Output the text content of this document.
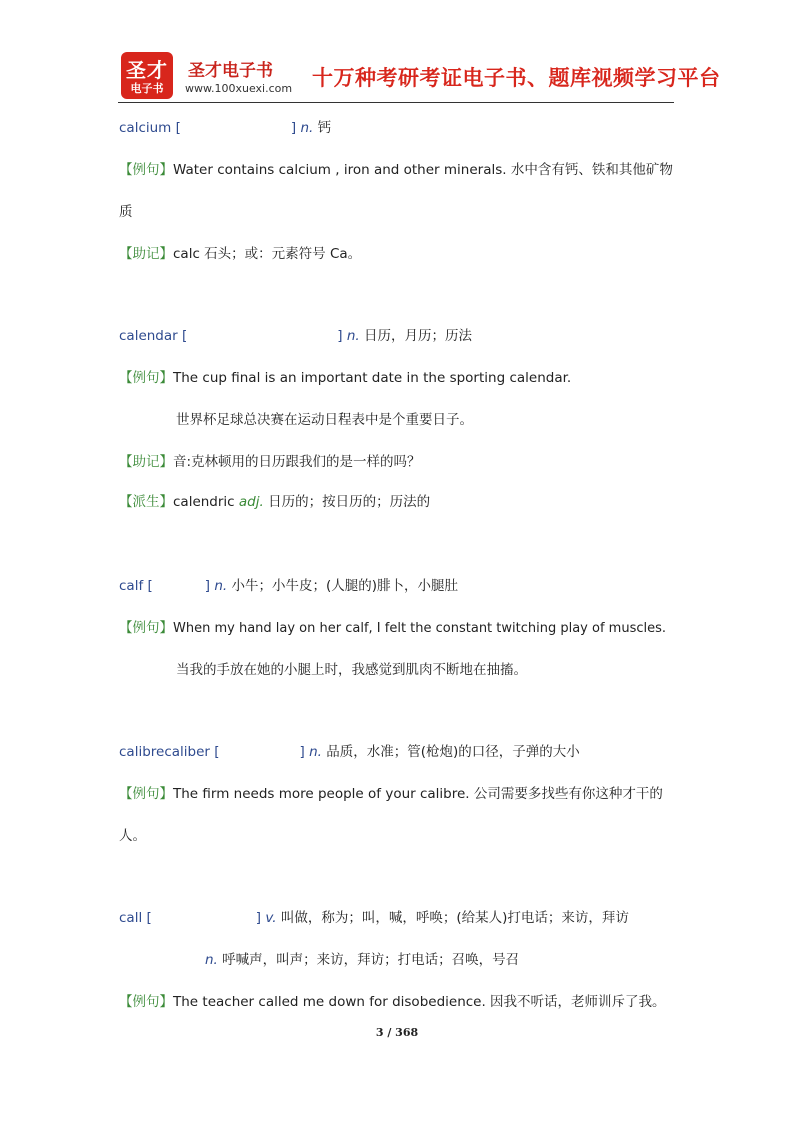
圣才
电子书
圣才电子书
www.100xuexi.com 十万种考研考证电子书、题库视频学习平台
calcium [	] n. 钙
【例句】Water contains calcium , iron and other minerals. 水中含有钙、铁和其他矿物
质
【助记】calc 石头；或：元素符号 Ca。
calendar [	] n. 日历，月历；历法
【例句】The cup final is an important date in the sporting calendar.
世界杯足球总决赛在运动日程表中是个重要日子。
【助记】音:克林顿用的日历跟我们的是一样的吗？
【派生】calendric adj. 日历的；按日历的；历法的
calf [	] n. 小牛；小牛皮；(人腿的)腓卜，小腿肚
【例句】When my hand lay on her calf, I felt the constant twitching play of muscles.
当我的手放在她的小腿上时，我感觉到肌肉不断地在抽搐。
calibrecaliber [	] n. 品质，水准；管(枪炮)的口径，子弹的大小
【例句】The firm needs more people of your calibre. 公司需要多找些有你这种才干的
人。
call [	] v. 叫做，称为；叫，喊，呼唤；(给某人)打电话；来访，拜访
n. 呼喊声，叫声；来访，拜访；打电话；召唤，号召
【例句】The teacher called me down for disobedience. 因我不听话，老师训斥了我。
3 / 368
